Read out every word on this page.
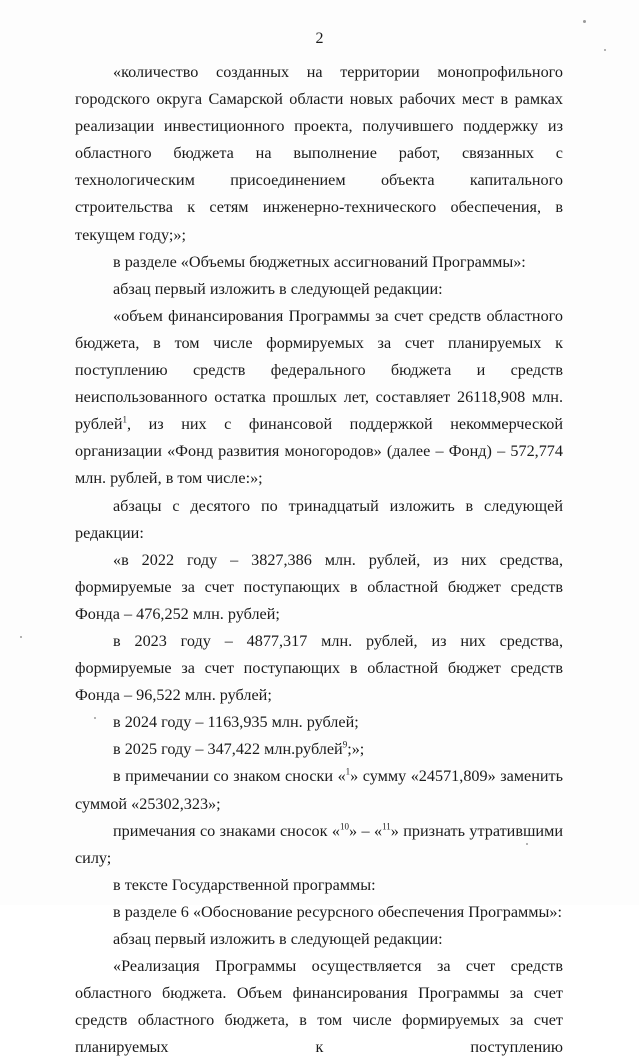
2

«количество созданных на территории монопрофильного городского округа Самарской области новых рабочих мест в рамках реализации инвестиционного проекта, получившего поддержку из областного бюджета на выполнение работ, связанных с технологическим присоединением объекта капитального строительства к сетям инженерно-технического обеспечения, в текущем году;»;

в разделе «Объемы бюджетных ассигнований Программы»:

абзац первый изложить в следующей редакции:

«объем финансирования Программы за счет средств областного бюджета, в том числе формируемых за счет планируемых к поступлению средств федерального бюджета и средств неиспользованного остатка прошлых лет, составляет 26118,908 млн. рублей$^1$, из них с финансовой поддержкой некоммерческой организации «Фонд развития моногородов» (далее – Фонд) – 572,774 млн. рублей, в том числе:»;

абзацы с десятого по тринадцатый изложить в следующей редакции:

«в 2022 году – 3827,386 млн. рублей, из них средства, формируемые за счет поступающих в областной бюджет средств Фонда – 476,252 млн. рублей;

в 2023 году – 4877,317 млн. рублей, из них средства, формируемые за счет поступающих в областной бюджет средств Фонда – 96,522 млн. рублей;

в 2024 году – 1163,935 млн. рублей;

в 2025 году – 347,422 млн.рублей$^9$;»;

в примечании со знаком сноски «$^1$» сумму «24571,809» заменить суммой «25302,323»;

примечания со знаками сносок «$^{10}$» – «$^{11}$» признать утратившими силу;

в тексте Государственной программы:

в разделе 6 «Обоснование ресурсного обеспечения Программы»:

абзац первый изложить в следующей редакции:

«Реализация Программы осуществляется за счет средств областного бюджета. Объем финансирования Программы за счет средств областного бюджета, в том числе формируемых за счет планируемых к поступлению
